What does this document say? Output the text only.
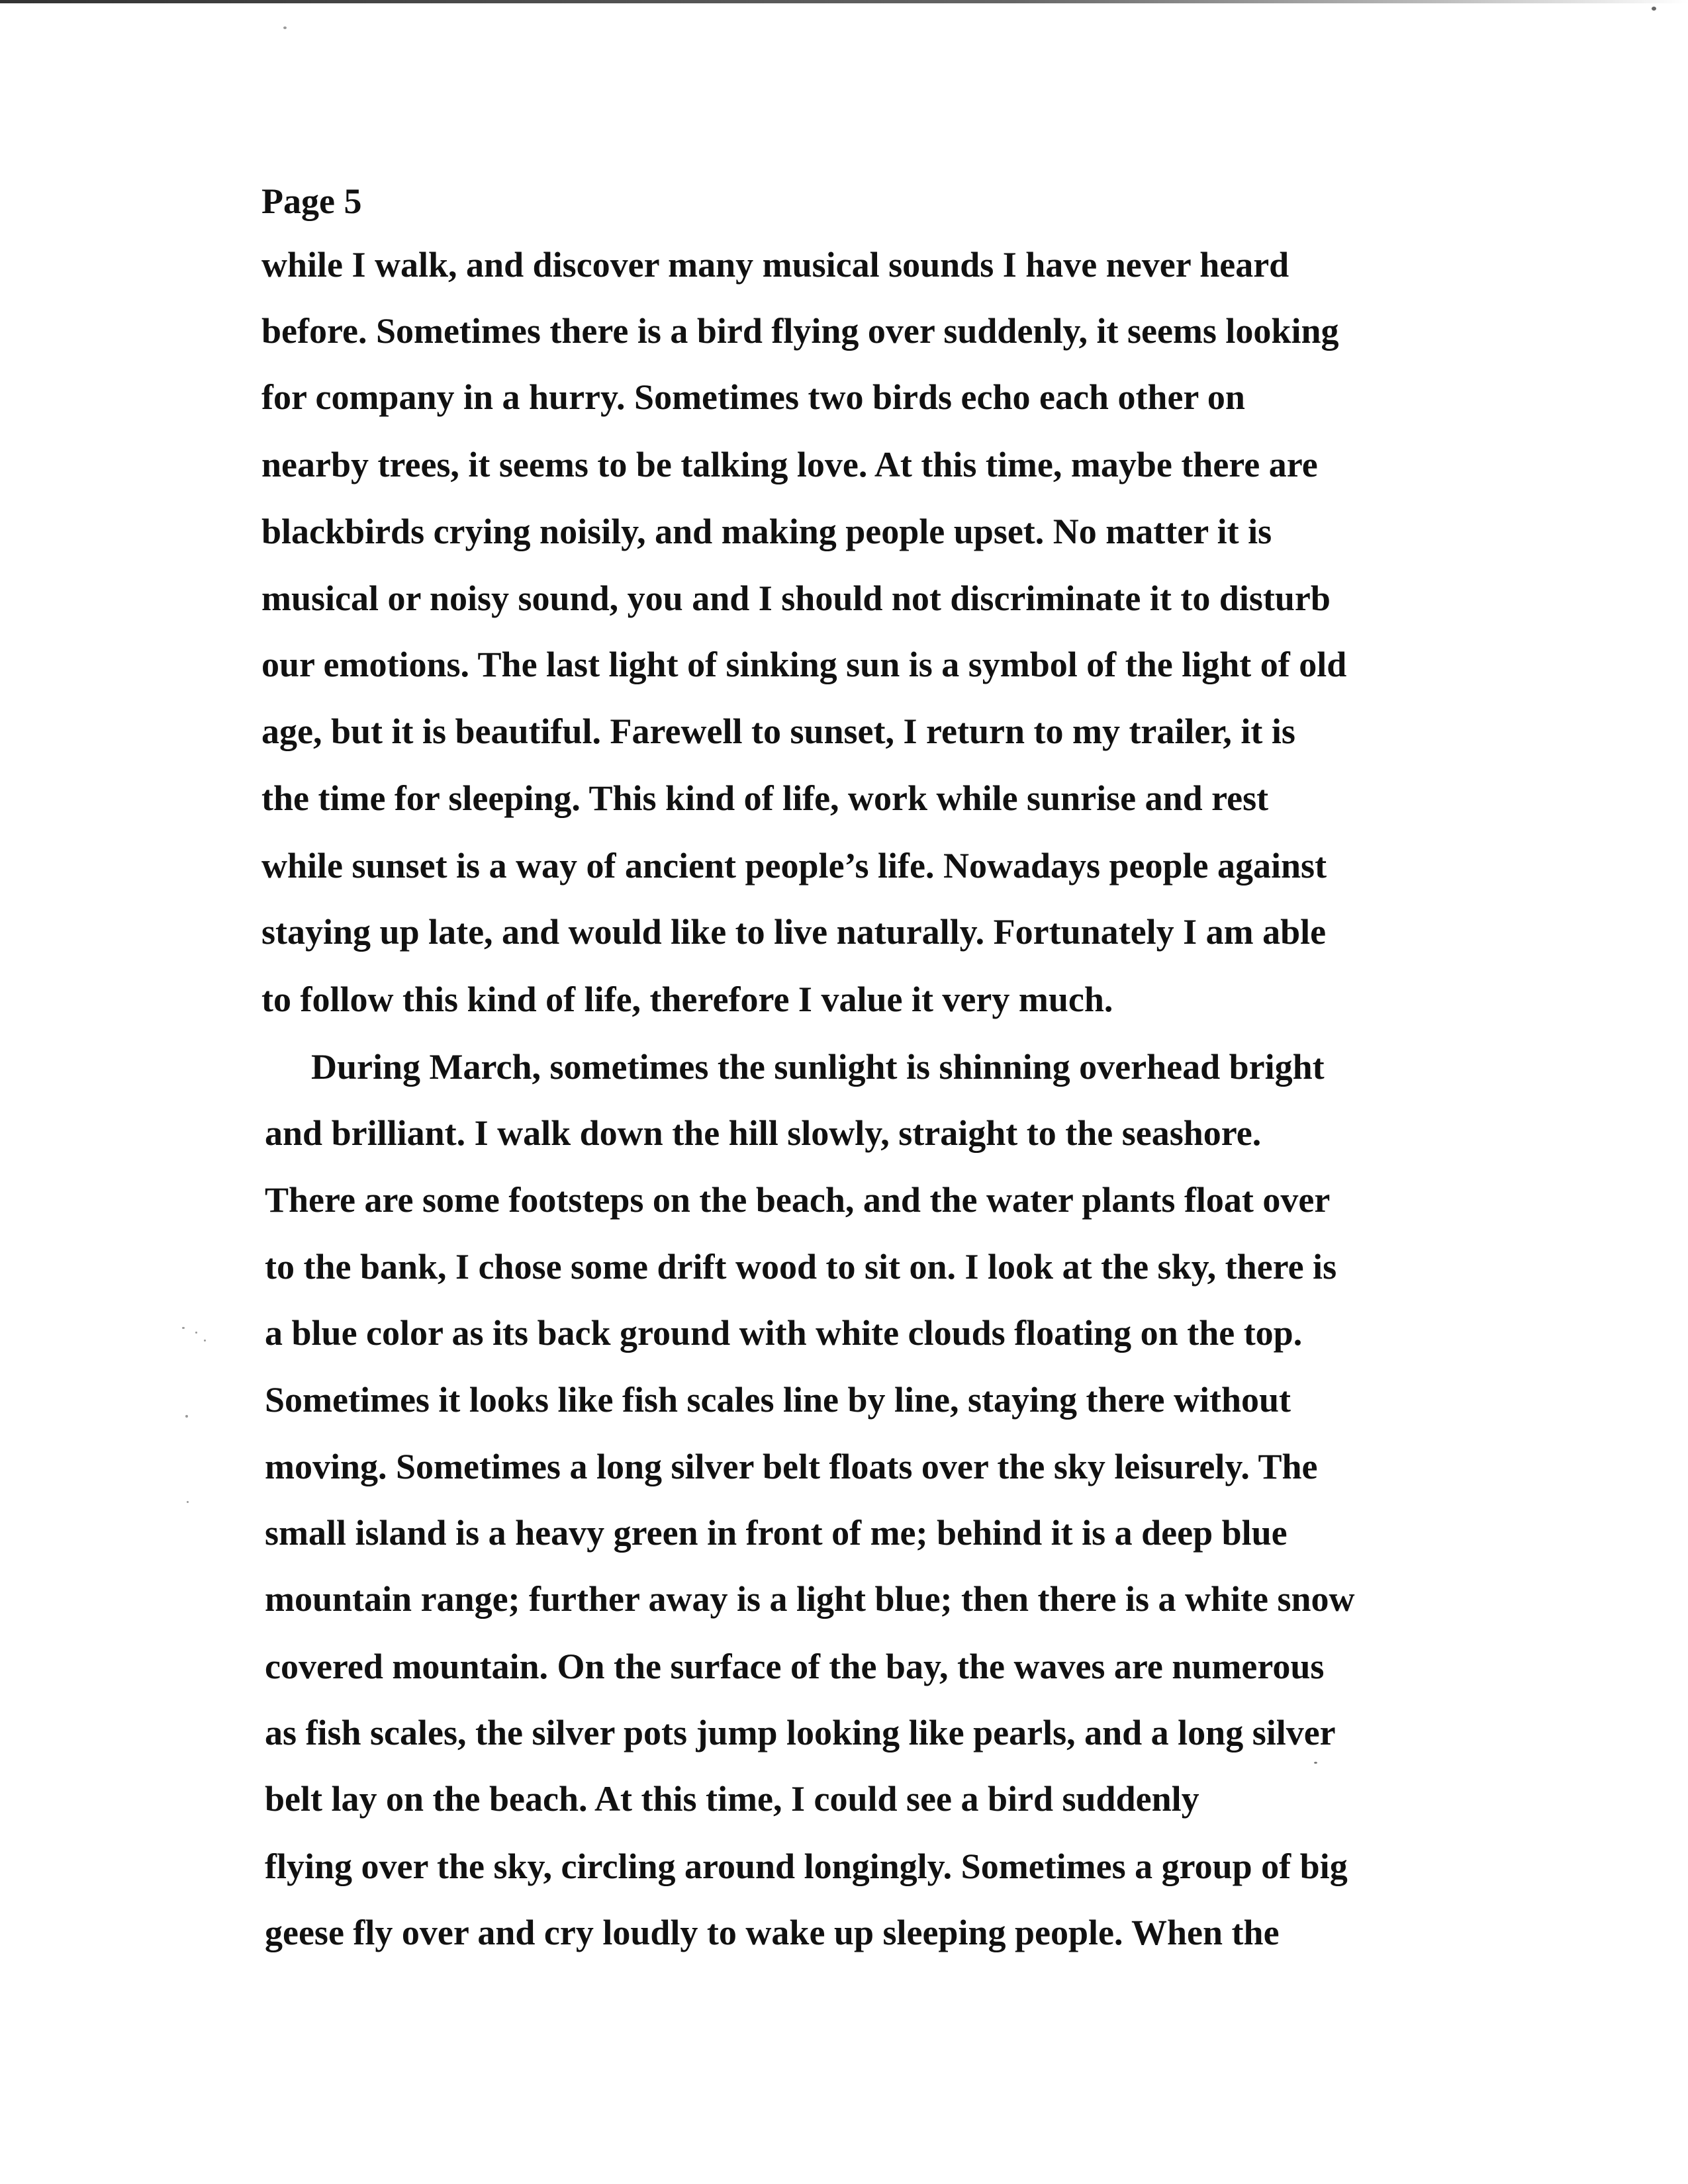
Page 5
while I walk, and discover many musical sounds I have never heard
before. Sometimes there is a bird flying over suddenly, it seems looking
for company in a hurry. Sometimes two birds echo each other on
nearby trees, it seems to be talking love. At this time, maybe there are
blackbirds crying noisily, and making people upset. No matter it is
musical or noisy sound, you and I should not discriminate it to disturb
our emotions. The last light of sinking sun is a symbol of the light of old
age, but it is beautiful. Farewell to sunset, I return to my trailer, it is
the time for sleeping. This kind of life, work while sunrise and rest
while sunset is a way of ancient people’s life. Nowadays people against
staying up late, and would like to live naturally. Fortunately I am able
to follow this kind of life, therefore I value it very much.
During March, sometimes the sunlight is shinning overhead bright
and brilliant. I walk down the hill slowly, straight to the seashore.
There are some footsteps on the beach, and the water plants float over
to the bank, I chose some drift wood to sit on. I look at the sky, there is
a blue color as its back ground with white clouds floating on the top.
Sometimes it looks like fish scales line by line, staying there without
moving. Sometimes a long silver belt floats over the sky leisurely. The
small island is a heavy green in front of me; behind it is a deep blue
mountain range; further away is a light blue; then there is a white snow
covered mountain. On the surface of the bay, the waves are numerous
as fish scales, the silver pots jump looking like pearls, and a long silver
belt lay on the beach. At this time, I could see a bird suddenly
flying over the sky, circling around longingly. Sometimes a group of big
geese fly over and cry loudly to wake up sleeping people. When the
